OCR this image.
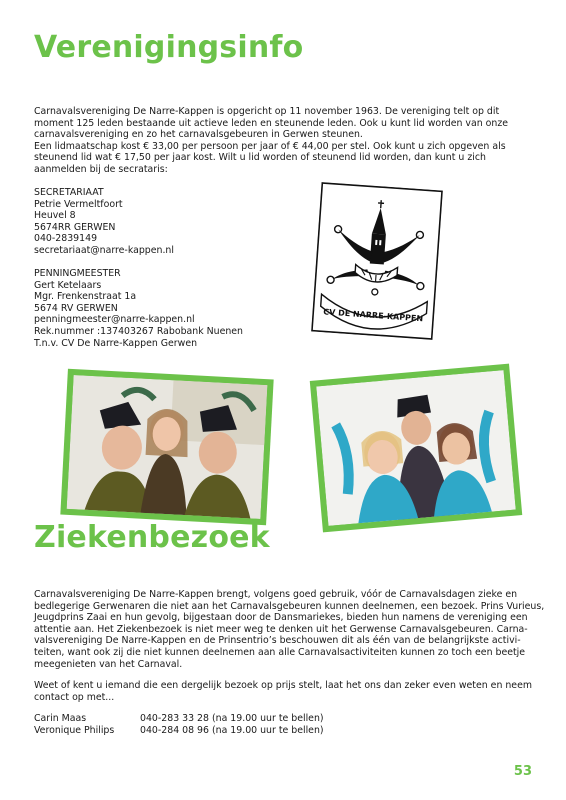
Verenigingsinfo

Carnavalsvereniging De Narre-Kappen is opgericht op 11 november 1963. De vereniging telt op dit
moment 125 leden bestaande uit actieve leden en steunende leden. Ook u kunt lid worden van onze
carnavalsvereniging en zo het carnavalsgebeuren in Gerwen steunen.
Een lidmaatschap kost € 33,00 per persoon per jaar of € 44,00 per stel. Ook kunt u zich opgeven als
steunend lid wat € 17,50 per jaar kost. Wilt u lid worden of steunend lid worden, dan kunt u zich
aanmelden bij de secrataris:

SECRETARIAAT
Petrie Vermeltfoort
Heuvel 8
5674RR GERWEN
040-2839149
secretariaat@narre-kappen.nl
PENNINGMEESTER
Gert Ketelaars
Mgr. Frenkenstraat 1a
5674 RV GERWEN
penningmeester@narre-kappen.nl
Rek.nummer :137403267 Rabobank Nuenen
T.n.v. CV De Narre-Kappen Gerwen
CV DE NARRE-KAPPEN
Ziekenbezoek

Carnavalsvereniging De Narre-Kappen brengt, volgens goed gebruik, vóór de Carnavalsdagen zieke en
bedlegerige Gerwenaren die niet aan het Carnavalsgebeuren kunnen deelnemen, een bezoek. Prins Vurieus,
Jeugdprins Zaai en hun gevolg, bijgestaan door de Dansmariekes, bieden hun namens de vereniging een
attentie aan. Het Ziekenbezoek is niet meer weg te denken uit het Gerwense Carnavalsgebeuren. Carna-
valsvereniging De Narre-Kappen en de Prinsentrio’s beschouwen dit als één van de belangrijkste activi-
teiten, want ook zij die niet kunnen deelnemen aan alle Carnavalsactiviteiten kunnen zo toch een beetje
meegenieten van het Carnaval.

Weet of kent u iemand die een dergelijk bezoek op prijs stelt, laat het ons dan zeker even weten en neem
contact op met...

Carin Maas	040-283 33 28 (na 19.00 uur te bellen)
Veronique Philips	040-284 08 96 (na 19.00 uur te bellen)
53
